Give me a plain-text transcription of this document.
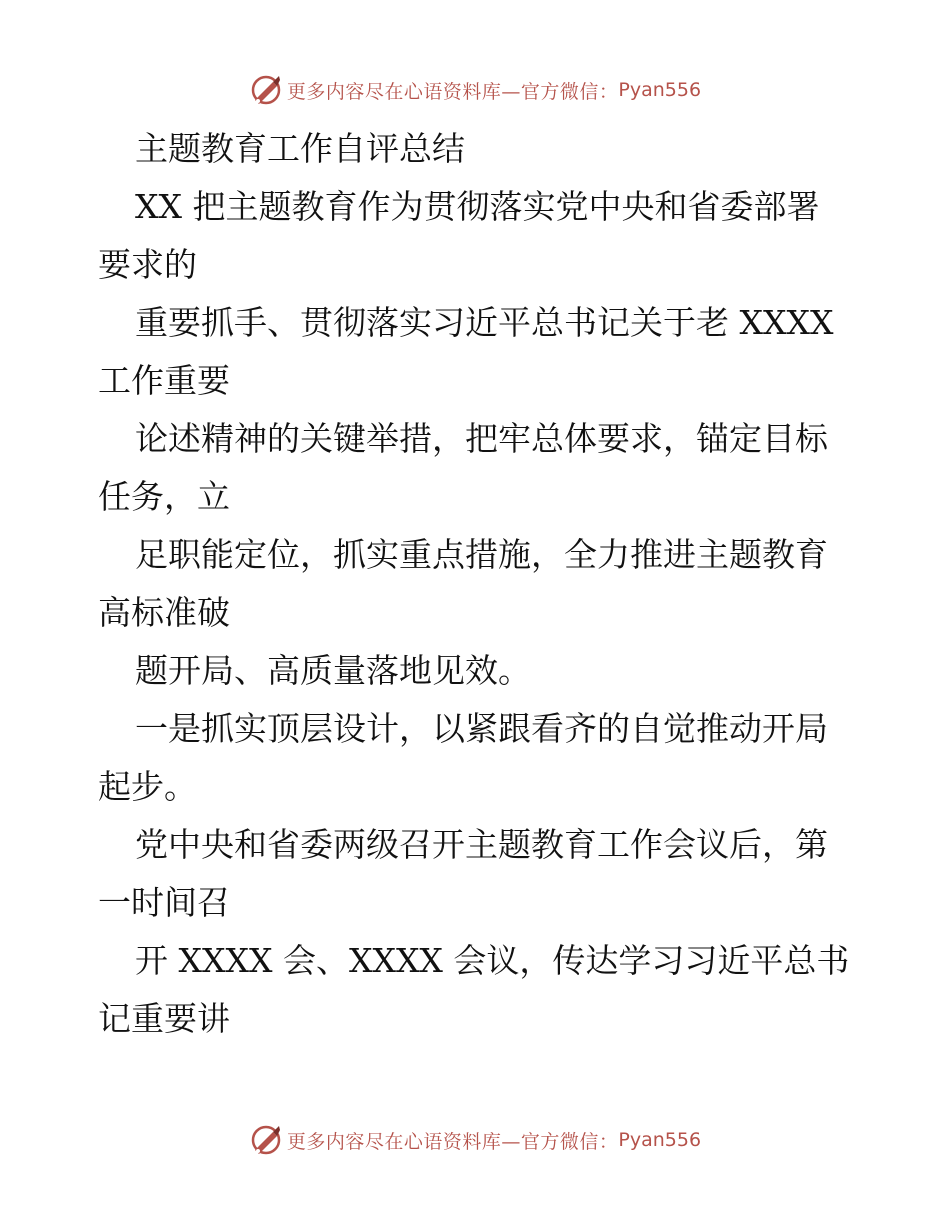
更多内容尽在心语资料库—官方微信： Pyan556
主题教育工作自评总结
XX 把主题教育作为贯彻落实党中央和省委部署
要求的
重要抓手、贯彻落实习近平总书记关于老 XXXX
工作重要
论述精神的关键举措，把牢总体要求，锚定目标
任务，立
足职能定位，抓实重点措施，全力推进主题教育
高标准破
题开局、高质量落地见效。
一是抓实顶层设计，以紧跟看齐的自觉推动开局
起步。
党中央和省委两级召开主题教育工作会议后，第
一时间召
开 XXXX 会、XXXX 会议，传达学习习近平总书
记重要讲
更多内容尽在心语资料库—官方微信： Pyan556
